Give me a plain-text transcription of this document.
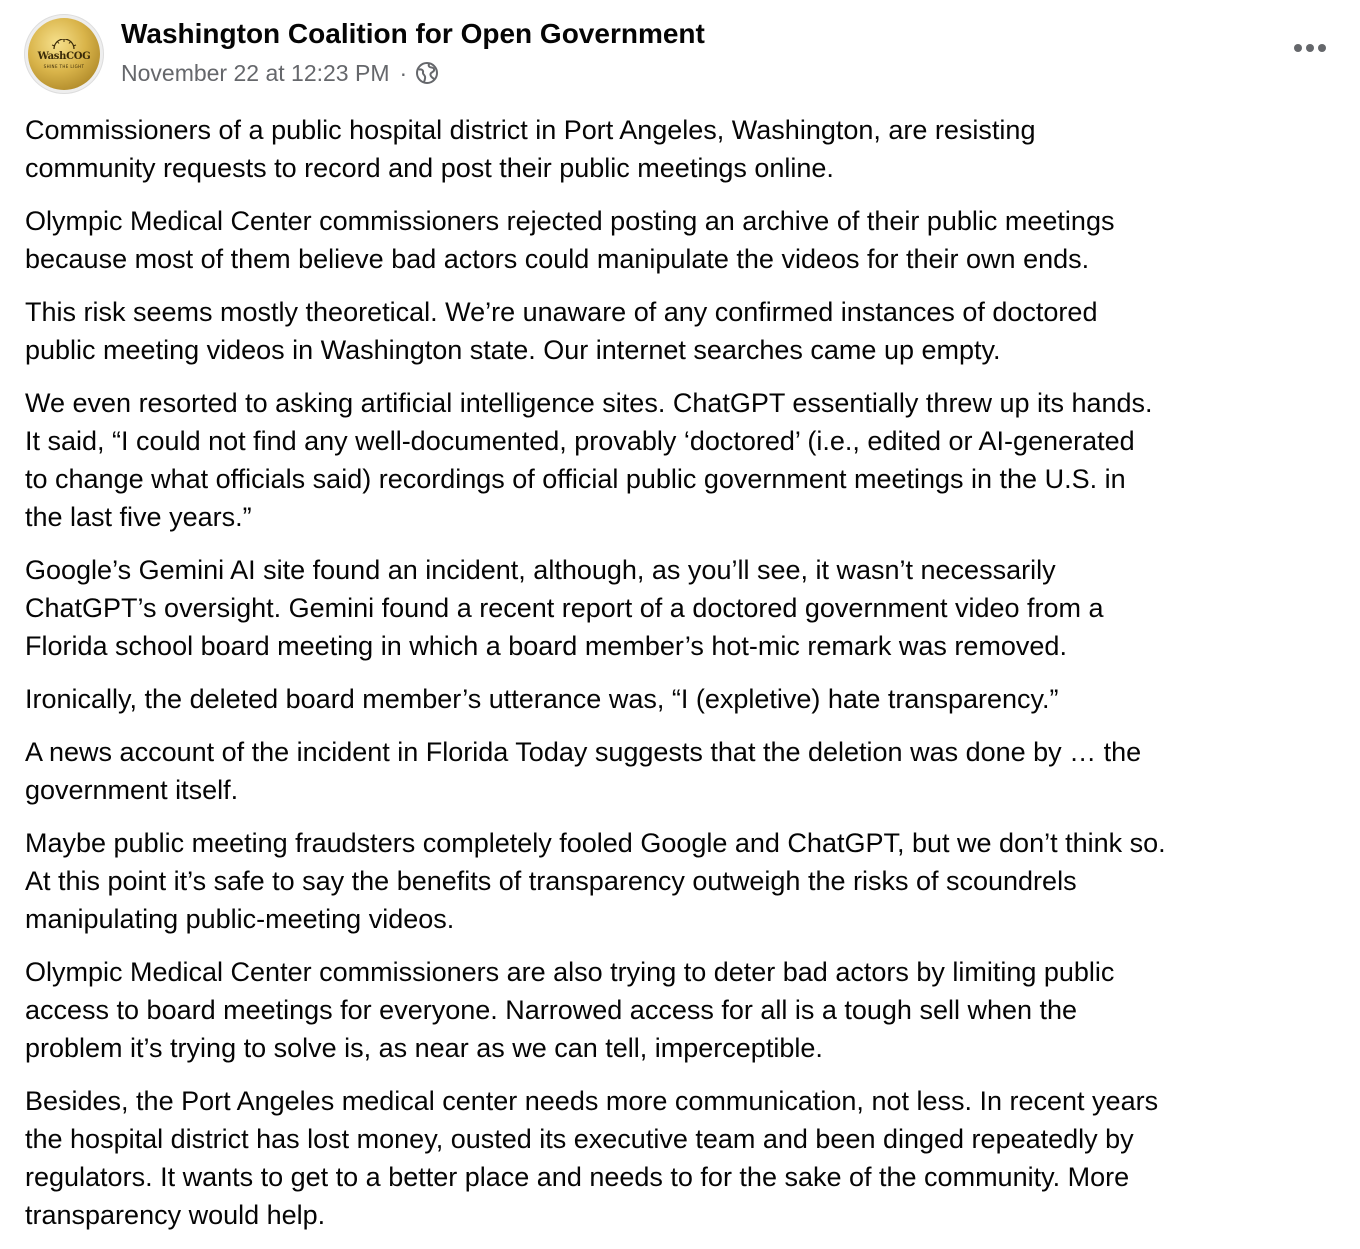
WashCOG
SHINE THE LIGHT
Washington Coalition for Open Government
November 22 at 12:23 PM ·

Commissioners of a public hospital district in Port Angeles, Washington, are resisting
community requests to record and post their public meetings online.

Olympic Medical Center commissioners rejected posting an archive of their public meetings
because most of them believe bad actors could manipulate the videos for their own ends.

This risk seems mostly theoretical. We’re unaware of any confirmed instances of doctored
public meeting videos in Washington state. Our internet searches came up empty.

We even resorted to asking artificial intelligence sites. ChatGPT essentially threw up its hands.
It said, “I could not find any well-documented, provably ‘doctored’ (i.e., edited or AI-generated
to change what officials said) recordings of official public government meetings in the U.S. in
the last five years.”

Google’s Gemini AI site found an incident, although, as you’ll see, it wasn’t necessarily
ChatGPT’s oversight. Gemini found a recent report of a doctored government video from a
Florida school board meeting in which a board member’s hot-mic remark was removed.

Ironically, the deleted board member’s utterance was, “I (expletive) hate transparency.”

A news account of the incident in Florida Today suggests that the deletion was done by … the
government itself.

Maybe public meeting fraudsters completely fooled Google and ChatGPT, but we don’t think so.
At this point it’s safe to say the benefits of transparency outweigh the risks of scoundrels
manipulating public-meeting videos.

Olympic Medical Center commissioners are also trying to deter bad actors by limiting public
access to board meetings for everyone. Narrowed access for all is a tough sell when the
problem it’s trying to solve is, as near as we can tell, imperceptible.

Besides, the Port Angeles medical center needs more communication, not less. In recent years
the hospital district has lost money, ousted its executive team and been dinged repeatedly by
regulators. It wants to get to a better place and needs to for the sake of the community. More
transparency would help.
